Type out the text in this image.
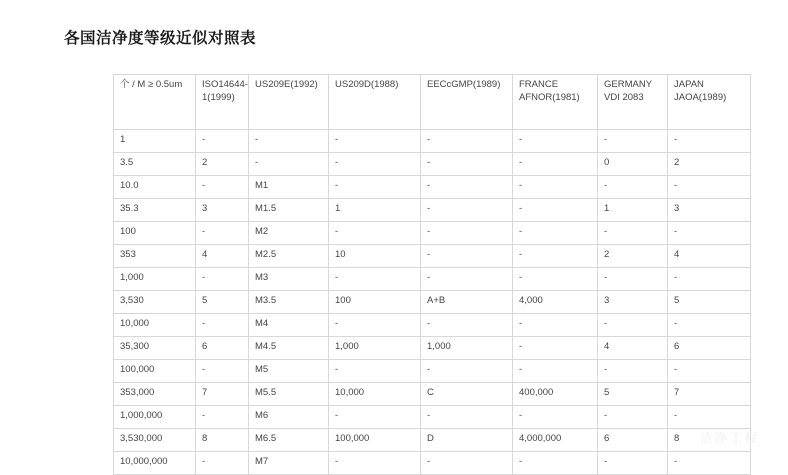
各国洁净度等级近似对照表
个 / M ≥ 0.5um	ISO14644-1(1999)	US209E(1992)	US209D(1988)	EECcGMP(1989)	FRANCE AFNOR(1981)	GERMANY VDI 2083	JAPAN JAOA(1989)
1	-	-	-	-	-	-	-
3.5	2	-	-	-	-	0	2
10.0	-	M1	-	-	-	-	-
35.3	3	M1.5	1	-	-	1	3
100	-	M2	-	-	-	-	-
353	4	M2.5	10	-	-	2	4
1,000	-	M3	-	-	-	-	-
3,530	5	M3.5	100	A+B	4,000	3	5
10,000	-	M4	-	-	-	-	-
35,300	6	M4.5	1,000	1,000	-	4	6
100,000	-	M5	-	-	-	-	-
353,000	7	M5.5	10,000	C	400,000	5	7
1,000,000	-	M6	-	-	-	-	-
3,530,000	8	M6.5	100,000	D	4,000,000	6	8
10,000,000	-	M7	-	-	-	-	-
洁净工程
